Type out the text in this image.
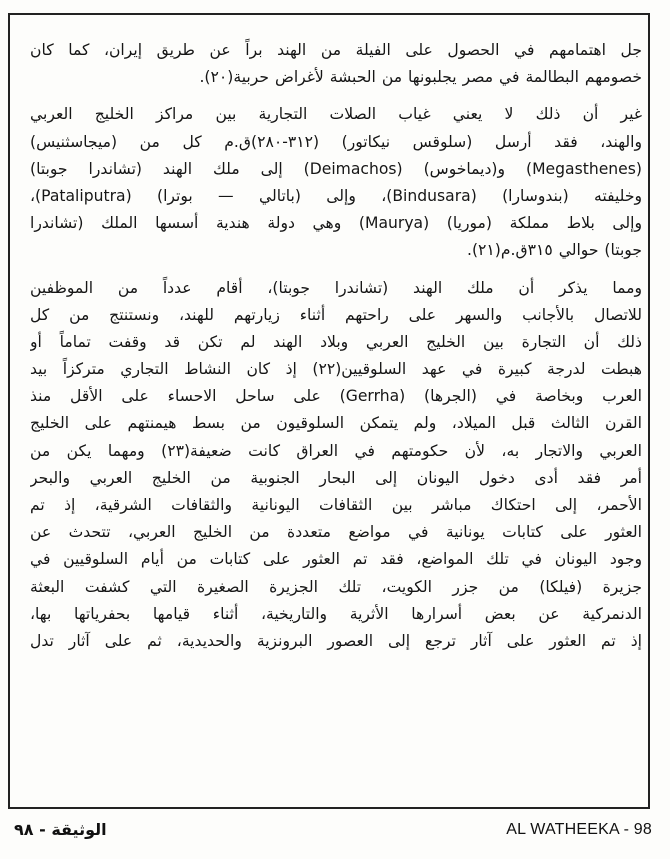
جل اهتمامهم في الحصول على الفيلة من الهند براً عن طريق إيران، كما كان
خصومهم البطالمة في مصر يجلبونها من الحبشة لأغراض حربية(٢٠).
غير أن ذلك لا يعني غياب الصلات التجارية بين مراكز الخليج العربي
والهند، فقد أرسل (سلوقس نيكاتور) (٣١٢-٢٨٠)ق.م كل من (ميجاسثنيس)
(Megasthenes) و(ديماخوس) (Deimachos) إلى ملك الهند (تشاندرا جوبتا)
وخليفته (بندوسارا) (Bindusara)، وإلى (باتالي — بوترا) (Pataliputra)،
وإلى بلاط مملكة (موريا) (Maurya) وهي دولة هندية أسسها الملك (تشاندرا
جوبتا) حوالي ٣١٥ق.م(٢١).
ومما يذكر أن ملك الهند (تشاندرا جوبتا)، أقام عدداً من الموظفين
للاتصال بالأجانب والسهر على راحتهم أثناء زيارتهم للهند، ونستنتج من كل
ذلك أن التجارة بين الخليج العربي وبلاد الهند لم تكن قد وقفت تماماً أو
هبطت لدرجة كبيرة في عهد السلوقيين(٢٢) إذ كان النشاط التجاري متركزاً بيد
العرب وبخاصة في (الجرها) (Gerrha) على ساحل الاحساء على الأقل منذ
القرن الثالث قبل الميلاد، ولم يتمكن السلوقيون من بسط هيمنتهم على الخليج
العربي والاتجار به، لأن حكومتهم في العراق كانت ضعيفة(٢٣) ومهما يكن من
أمر فقد أدى دخول اليونان إلى البحار الجنوبية من الخليج العربي والبحر
الأحمر، إلى احتكاك مباشر بين الثقافات اليونانية والثقافات الشرقية، إذ تم
العثور على كتابات يونانية في مواضع متعددة من الخليج العربي، تتحدث عن
وجود اليونان في تلك المواضع، فقد تم العثور على كتابات من أيام السلوقيين في
جزيرة (فيلكا) من جزر الكويت، تلك الجزيرة الصغيرة التي كشفت البعثة
الدنمركية عن بعض أسرارها الأثرية والتاريخية، أثناء قيامها بحفرياتها بها،
إذ تم العثور على آثار ترجع إلى العصور البرونزية والحديدية، ثم على آثار تدل
الوثيقة - ٩٨	AL WATHEEKA - 98
